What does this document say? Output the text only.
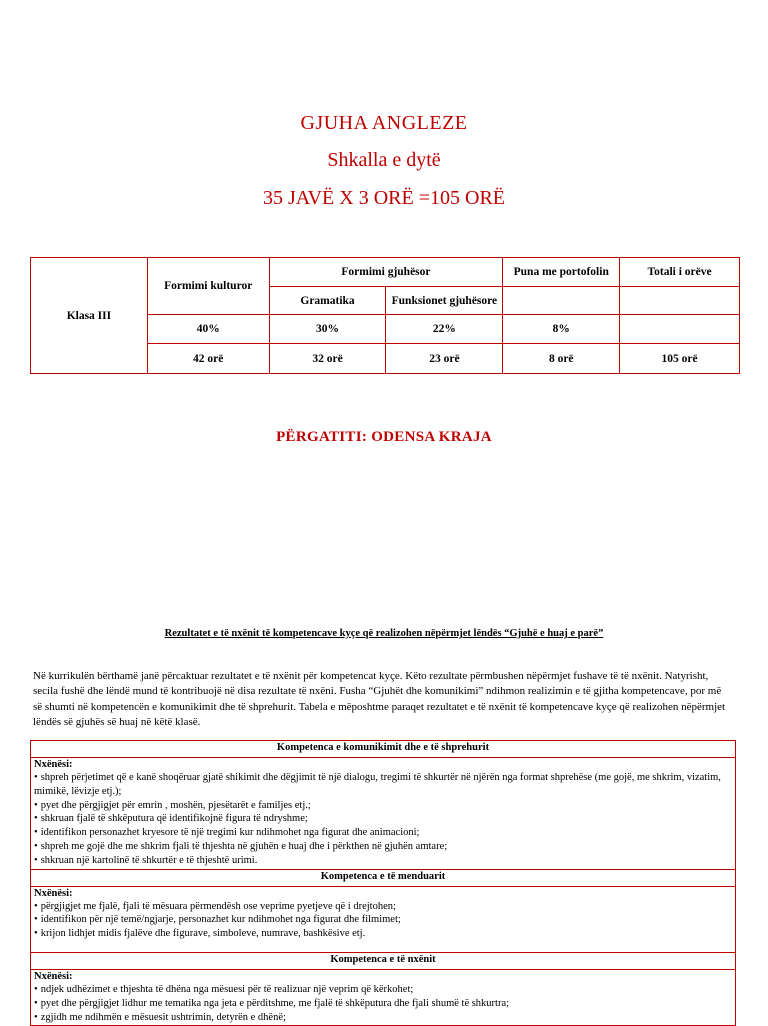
GJUHA ANGLEZE
Shkalla e dytë
35 JAVË X 3 ORË =105 ORË
Klasa III	Formimi kulturor	Formimi gjuhësor		Puna me portofolin	Totali i orëve
		Gramatika	Funksionet gjuhësore		
	40%	30%	22%	8%	
	42 orë	32 orë	23 orë	8 orë	105 orë
PËRGATITI: ODENSA KRAJA
Rezultatet e të nxënit të kompetencave kyçe që realizohen nëpërmjet lëndës “Gjuhë e huaj e parë”
Në kurrikulën bërthamë janë përcaktuar rezultatet e të nxënit për kompetencat kyçe. Këto rezultate përmbushen nëpërmjet fushave të të nxënit. Natyrisht, secila fushë dhe lëndë mund të kontribuojë në disa rezultate të nxëni. Fusha “Gjuhët dhe komunikimi” ndihmon realizimin e të gjitha kompetencave, por më së shumti në kompetencën e komunikimit dhe të shprehurit. Tabela e mëposhtme paraqet rezultatet e të nxënit të kompetencave kyçe që realizohen nëpërmjet lëndës së gjuhës së huaj në këtë klasë.
Kompetenca e komunikimit dhe e të shprehurit

Nxënësi:
• shpreh përjetimet që e kanë shoqëruar gjatë shikimit dhe dëgjimit të një dialogu, tregimi të shkurtër në njërën nga format shprehëse (me gojë, me shkrim, vizatim, mimikë, lëvizje etj.);
• pyet dhe përgjigjet për emrin , moshën, pjesëtarët e familjes etj.;
• shkruan fjalë të shkëputura që identifikojnë figura të ndryshme;
• identifikon personazhet kryesore të një tregimi kur ndihmohet nga figurat dhe animacioni;
• shpreh me gojë dhe me shkrim fjali të thjeshta në gjuhën e huaj dhe i përkthen në gjuhën amtare;
• shkruan një kartolinë të shkurtër e të thjeshtë urimi.

Kompetenca e të menduarit

Nxënësi:
• përgjigjet me fjalë, fjali të mësuara përmendësh ose veprime pyetjeve që i drejtohen;
• identifikon për një temë/ngjarje, personazhet kur ndihmohet nga figurat dhe filmimet;
• krijon lidhjet midis fjalëve dhe figurave, simboleve, numrave, bashkësive etj.

Kompetenca e të nxënit

Nxënësi:
• ndjek udhëzimet e thjeshta të dhëna nga mësuesi për të realizuar një veprim që kërkohet;
• pyet dhe përgjigjet lidhur me tematika nga jeta e përditshme, me fjalë të shkëputura dhe fjali shumë të shkurtra;
• zgjidh me ndihmën e mësuesit ushtrimin, detyrën e dhënë;
